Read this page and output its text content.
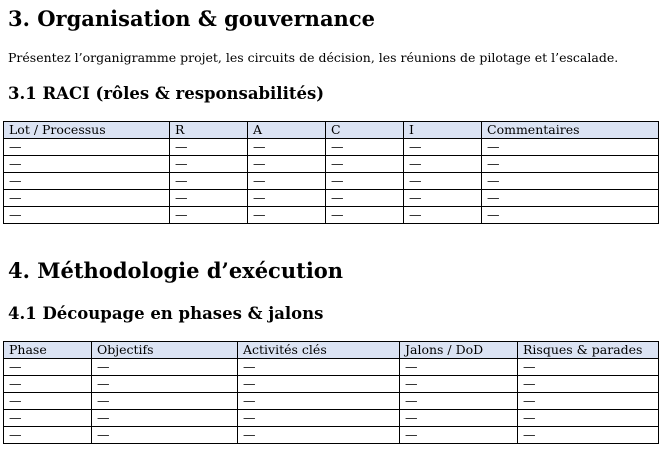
3. Organisation & gouvernance

Présentez l’organigramme projet, les circuits de décision, les réunions de pilotage et l’escalade.

3.1 RACI (rôles & responsabilités)
Lot / Processus	R	A	C	I	Commentaires
—	—	—	—	—	—
—	—	—	—	—	—
—	—	—	—	—	—
—	—	—	—	—	—
—	—	—	—	—	—
4. Méthodologie d’exécution
4.1 Découpage en phases & jalons
Phase	Objectifs	Activités clés	Jalons / DoD	Risques & parades
—	—	—	—	—
—	—	—	—	—
—	—	—	—	—
—	—	—	—	—
—	—	—	—	—
